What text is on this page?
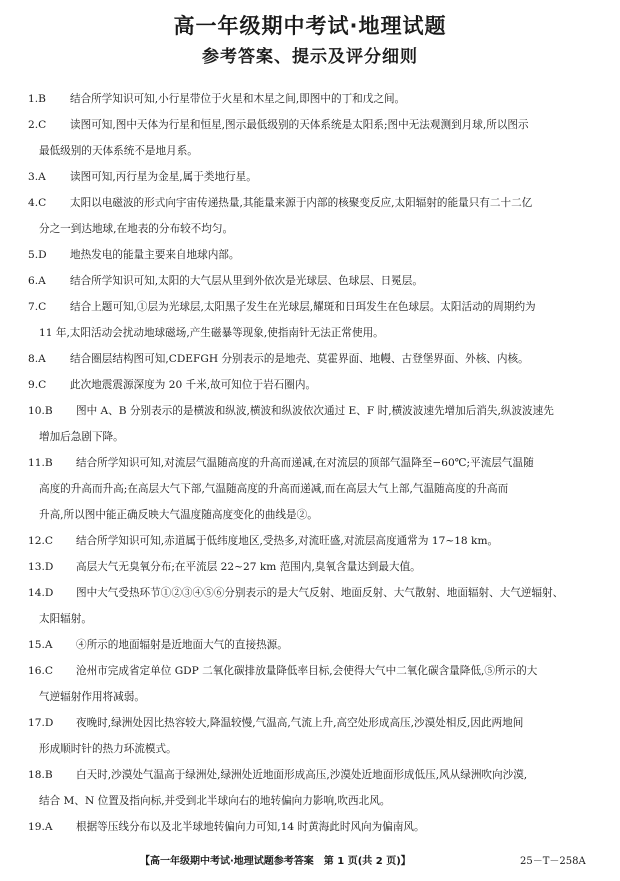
高一年级期中考试·地理试题
参考答案、提示及评分细则
1.B 结合所学知识可知,小行星带位于火星和木星之间,即图中的丁和戊之间。
2.C 读图可知,图中天体为行星和恒星,图示最低级别的天体系统是太阳系;图中无法观测到月球,所以图示
最低级别的天体系统不是地月系。
3.A 读图可知,丙行星为金星,属于类地行星。
4.C 太阳以电磁波的形式向宇宙传递热量,其能量来源于内部的核聚变反应,太阳辐射的能量只有二十二亿
分之一到达地球,在地表的分布较不均匀。
5.D 地热发电的能量主要来自地球内部。
6.A 结合所学知识可知,太阳的大气层从里到外依次是光球层、色球层、日冕层。
7.C 结合上题可知,①层为光球层,太阳黑子发生在光球层,耀斑和日珥发生在色球层。太阳活动的周期约为
11 年,太阳活动会扰动地球磁场,产生磁暴等现象,使指南针无法正常使用。
8.A 结合圈层结构图可知,CDEFGH 分别表示的是地壳、莫霍界面、地幔、古登堡界面、外核、内核。
9.C 此次地震震源深度为 20 千米,故可知位于岩石圈内。
10.B 图中 A、B 分别表示的是横波和纵波,横波和纵波依次通过 E、F 时,横波波速先增加后消失,纵波波速先
增加后急剧下降。
11.B 结合所学知识可知,对流层气温随高度的升高而递减,在对流层的顶部气温降至−60℃;平流层气温随
高度的升高而升高;在高层大气下部,气温随高度的升高而递减,而在高层大气上部,气温随高度的升高而
升高,所以图中能正确反映大气温度随高度变化的曲线是②。
12.C 结合所学知识可知,赤道属于低纬度地区,受热多,对流旺盛,对流层高度通常为 17~18 km。
13.D 高层大气无臭氧分布;在平流层 22~27 km 范围内,臭氧含量达到最大值。
14.D 图中大气受热环节①②③④⑤⑥分别表示的是大气反射、地面反射、大气散射、地面辐射、大气逆辐射、
太阳辐射。
15.A ④所示的地面辐射是近地面大气的直接热源。
16.C 沧州市完成省定单位 GDP 二氧化碳排放量降低率目标,会使得大气中二氧化碳含量降低,⑤所示的大
气逆辐射作用将减弱。
17.D 夜晚时,绿洲处因比热容较大,降温较慢,气温高,气流上升,高空处形成高压,沙漠处相反,因此两地间
形成顺时针的热力环流模式。
18.B 白天时,沙漠处气温高于绿洲处,绿洲处近地面形成高压,沙漠处近地面形成低压,风从绿洲吹向沙漠,
结合 M、N 位置及指向标,并受到北半球向右的地转偏向力影响,吹西北风。
19.A 根据等压线分布以及北半球地转偏向力可知,14 时黄海此时风向为偏南风。
【高一年级期中考试·地理试题参考答案　第 1 页(共 2 页)】	25－T－258A
